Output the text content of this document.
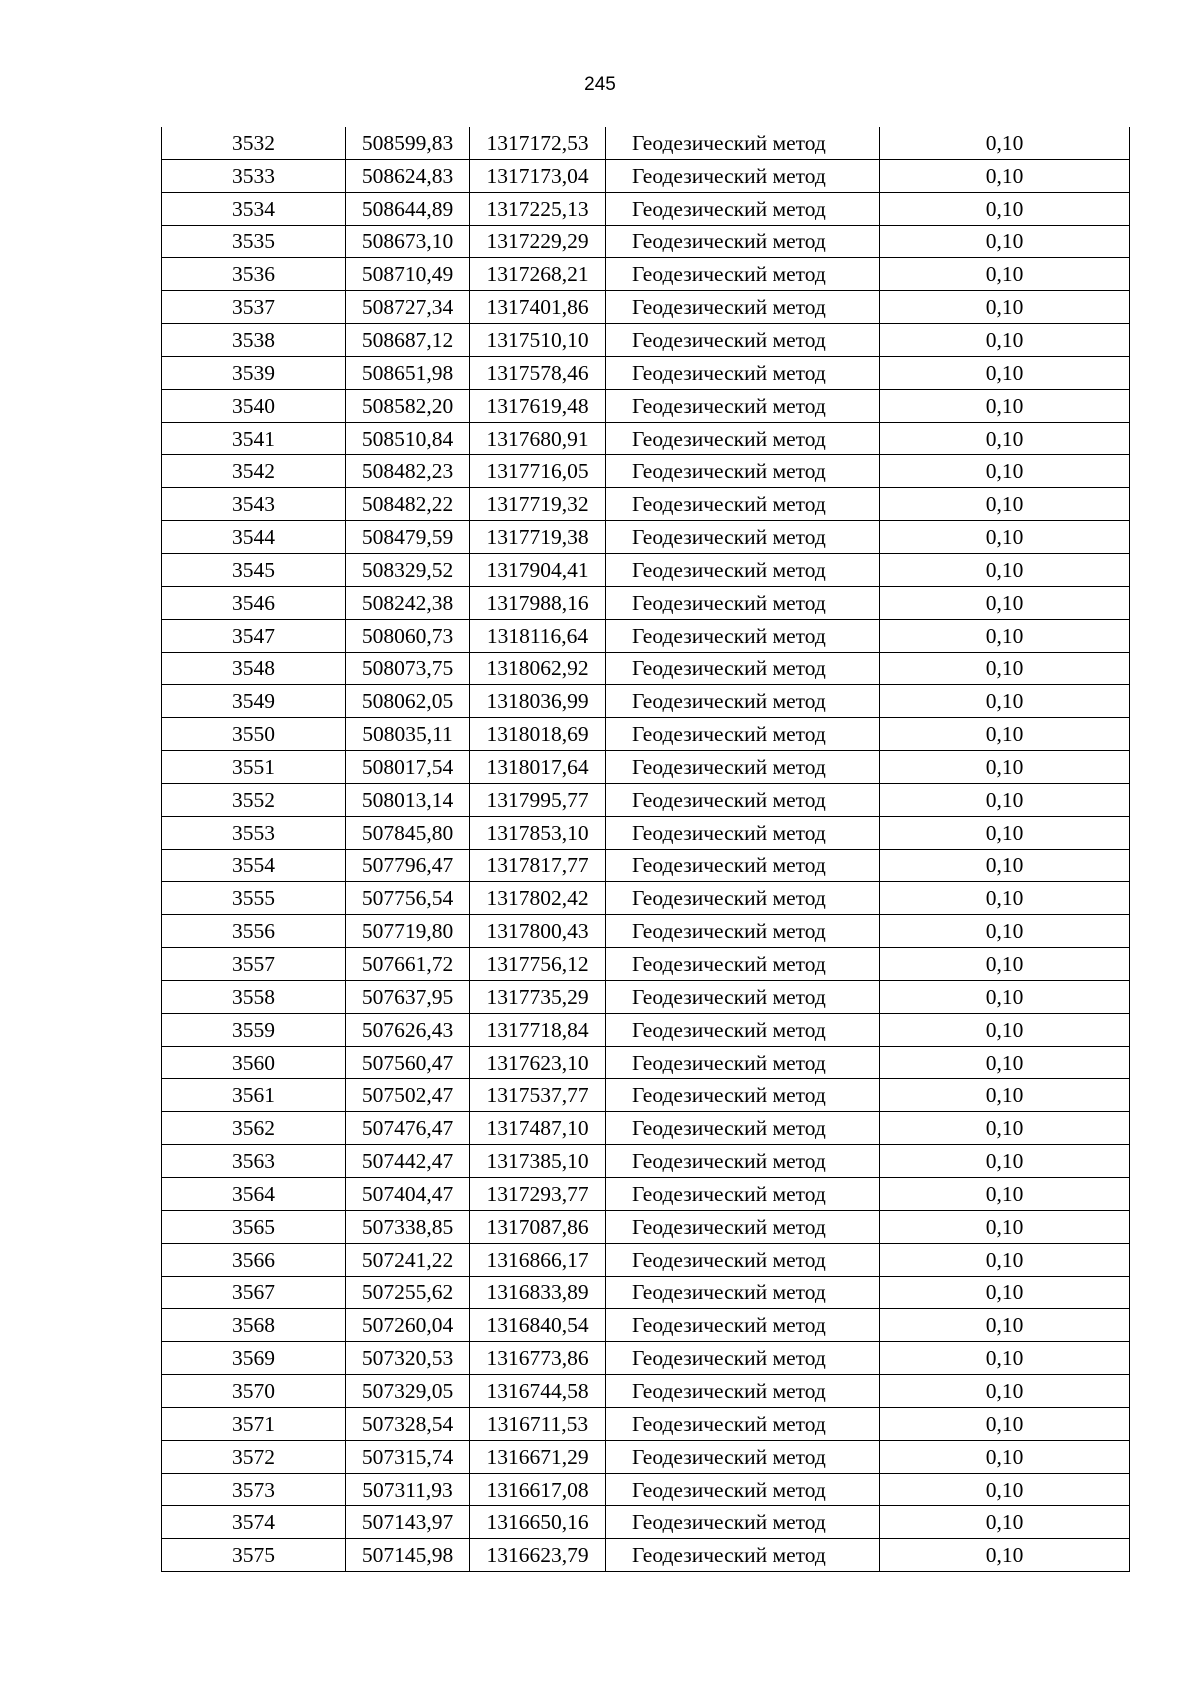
245
3532	508599,83	1317172,53	Геодезический метод	0,10
3533	508624,83	1317173,04	Геодезический метод	0,10
3534	508644,89	1317225,13	Геодезический метод	0,10
3535	508673,10	1317229,29	Геодезический метод	0,10
3536	508710,49	1317268,21	Геодезический метод	0,10
3537	508727,34	1317401,86	Геодезический метод	0,10
3538	508687,12	1317510,10	Геодезический метод	0,10
3539	508651,98	1317578,46	Геодезический метод	0,10
3540	508582,20	1317619,48	Геодезический метод	0,10
3541	508510,84	1317680,91	Геодезический метод	0,10
3542	508482,23	1317716,05	Геодезический метод	0,10
3543	508482,22	1317719,32	Геодезический метод	0,10
3544	508479,59	1317719,38	Геодезический метод	0,10
3545	508329,52	1317904,41	Геодезический метод	0,10
3546	508242,38	1317988,16	Геодезический метод	0,10
3547	508060,73	1318116,64	Геодезический метод	0,10
3548	508073,75	1318062,92	Геодезический метод	0,10
3549	508062,05	1318036,99	Геодезический метод	0,10
3550	508035,11	1318018,69	Геодезический метод	0,10
3551	508017,54	1318017,64	Геодезический метод	0,10
3552	508013,14	1317995,77	Геодезический метод	0,10
3553	507845,80	1317853,10	Геодезический метод	0,10
3554	507796,47	1317817,77	Геодезический метод	0,10
3555	507756,54	1317802,42	Геодезический метод	0,10
3556	507719,80	1317800,43	Геодезический метод	0,10
3557	507661,72	1317756,12	Геодезический метод	0,10
3558	507637,95	1317735,29	Геодезический метод	0,10
3559	507626,43	1317718,84	Геодезический метод	0,10
3560	507560,47	1317623,10	Геодезический метод	0,10
3561	507502,47	1317537,77	Геодезический метод	0,10
3562	507476,47	1317487,10	Геодезический метод	0,10
3563	507442,47	1317385,10	Геодезический метод	0,10
3564	507404,47	1317293,77	Геодезический метод	0,10
3565	507338,85	1317087,86	Геодезический метод	0,10
3566	507241,22	1316866,17	Геодезический метод	0,10
3567	507255,62	1316833,89	Геодезический метод	0,10
3568	507260,04	1316840,54	Геодезический метод	0,10
3569	507320,53	1316773,86	Геодезический метод	0,10
3570	507329,05	1316744,58	Геодезический метод	0,10
3571	507328,54	1316711,53	Геодезический метод	0,10
3572	507315,74	1316671,29	Геодезический метод	0,10
3573	507311,93	1316617,08	Геодезический метод	0,10
3574	507143,97	1316650,16	Геодезический метод	0,10
3575	507145,98	1316623,79	Геодезический метод	0,10
